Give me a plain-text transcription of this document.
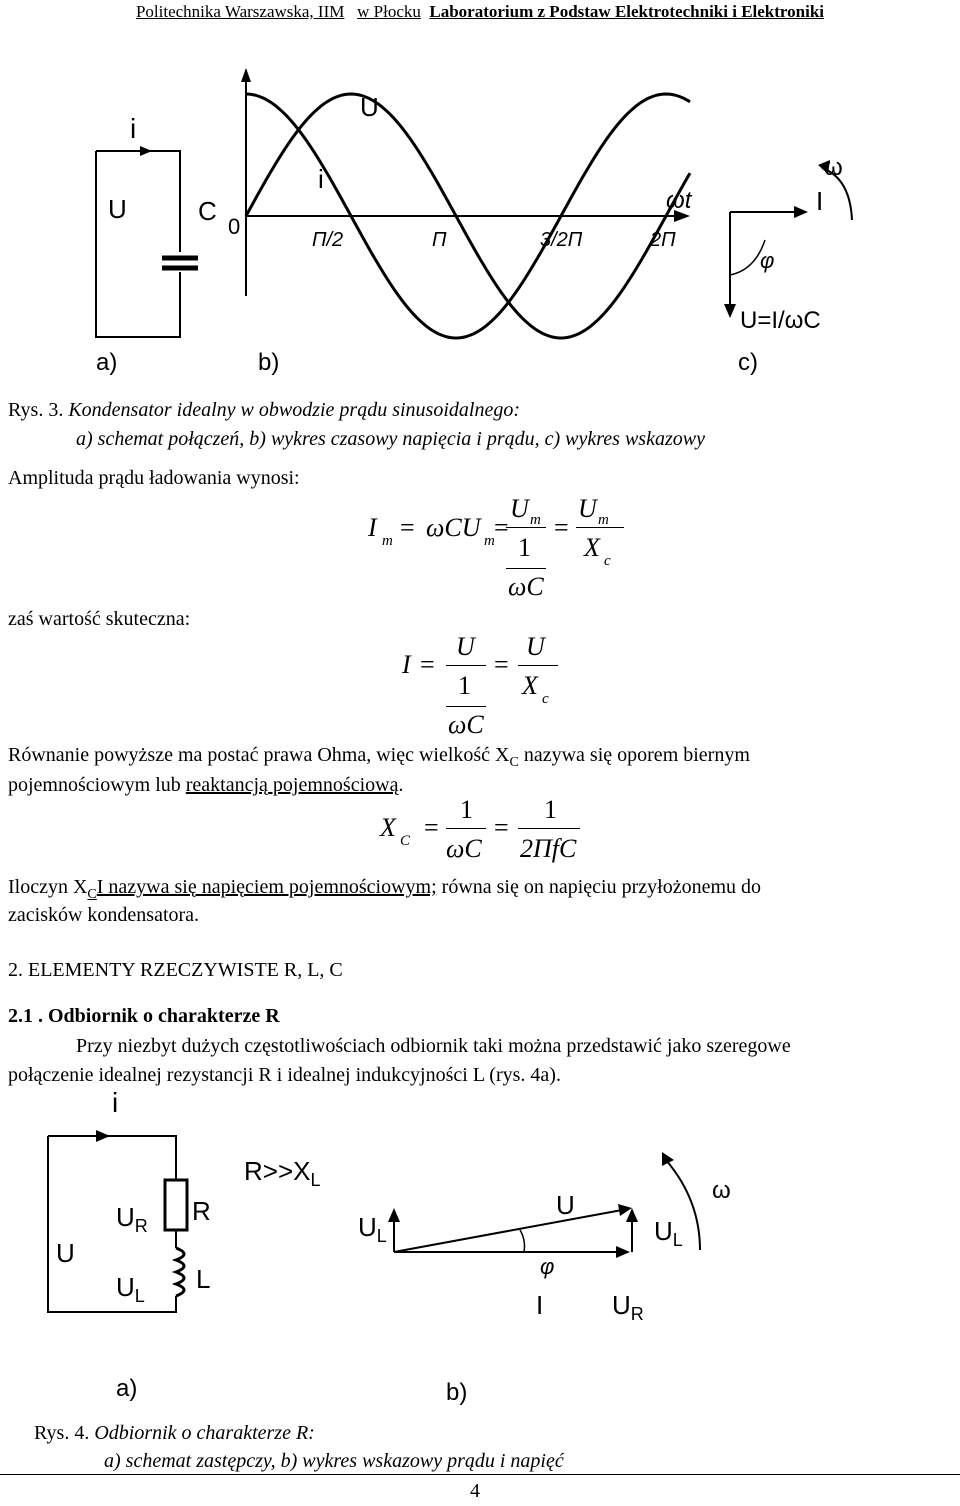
Politechnika Warszawska, IIM w Płocku Laboratorium z Podstaw Elektrotechniki i Elektroniki
i
U	C
a)
U
i
0
ωt
Π/2	Π	3/2Π	2Π
b)
ω
I
φ
U=I/ωC
c)
Rys. 3. Kondensator idealny w obwodzie prądu sinusoidalnego:
a) schemat połączeń, b) wykres czasowy napięcia i prądu, c) wykres wskazowy
Amplituda prądu ładowania wynosi:
I m = ωCU m =
U m
1
ωC
=
U m
X c
zaś wartość skuteczna:
I =
U
1
ωC
=
U
X c
Równanie powyższe ma postać prawa Ohma, więc wielkość $X_C$ nazywa się oporem biernym
pojemnościowym lub reaktancją pojemnościową.
X C =
1
ωC
=
1
2ΠfC
Iloczyn $X_CI$ nazywa się napięciem pojemnościowym; równa się on napięciu przyłożonemu do
zacisków kondensatora.
2. ELEMENTY RZECZYWISTE R, L, C
2.1 . Odbiornik o charakterze R
Przy niezbyt dużych częstotliwościach odbiornik taki można przedstawić jako szeregowe
połączenie idealnej rezystancji R i idealnej indukcyjności L (rys. 4a).
i
U
$U_R$ R
$U_L$
L
a)
$R>>X_L$	ω
$U_L$
U
$U_L$
φ
I	$U_R$
b)
Rys. 4. Odbiornik o charakterze R:
a) schemat zastępczy, b) wykres wskazowy prądu i napięć
4
